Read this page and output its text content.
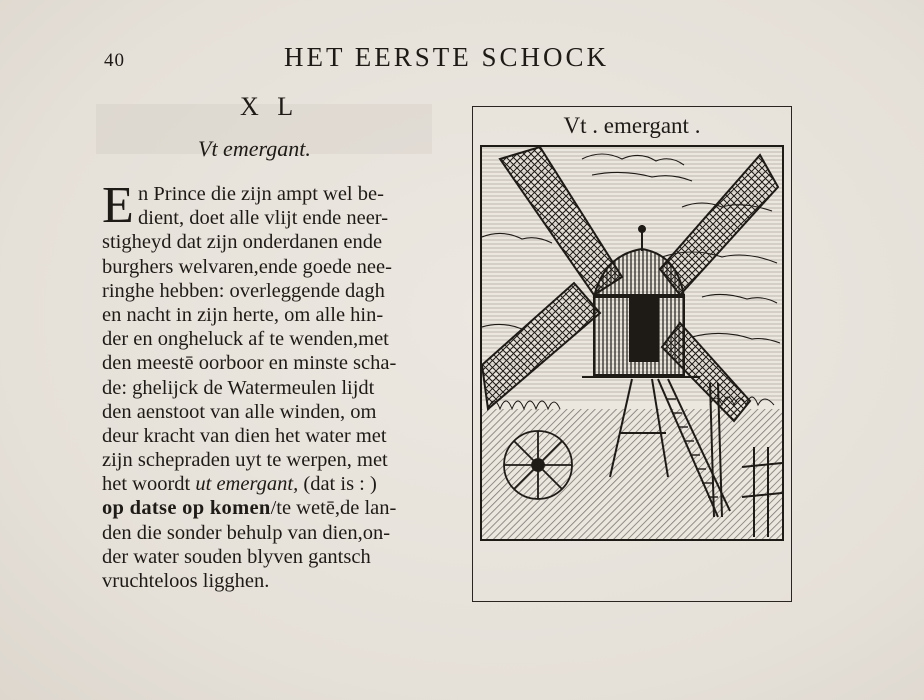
40	HET EERSTE SCHOCK
X L
Vt emergant.
E n Prince die zijn ampt wel be-
dient, doet alle vlijt ende neer-
stigheyd dat zijn onderdanen ende
burghers welvaren,ende goede nee-
ringhe hebben: overleggende dagh
en nacht in zijn herte, om alle hin-
der en ongheluck af te wenden,met
den meestē oorboor en minste scha-
de: ghelijck de Watermeulen lijdt
den aenstoot van alle winden, om
deur kracht van dien het water met
zijn schepraden uyt te werpen, met
het woordt ut emergant, (dat is : )
op datse op komen/te wetē,de lan-
den die sonder behulp van dien,on-
der water souden blyven gantsch
vruchteloos ligghen.
Vt . emergant .
